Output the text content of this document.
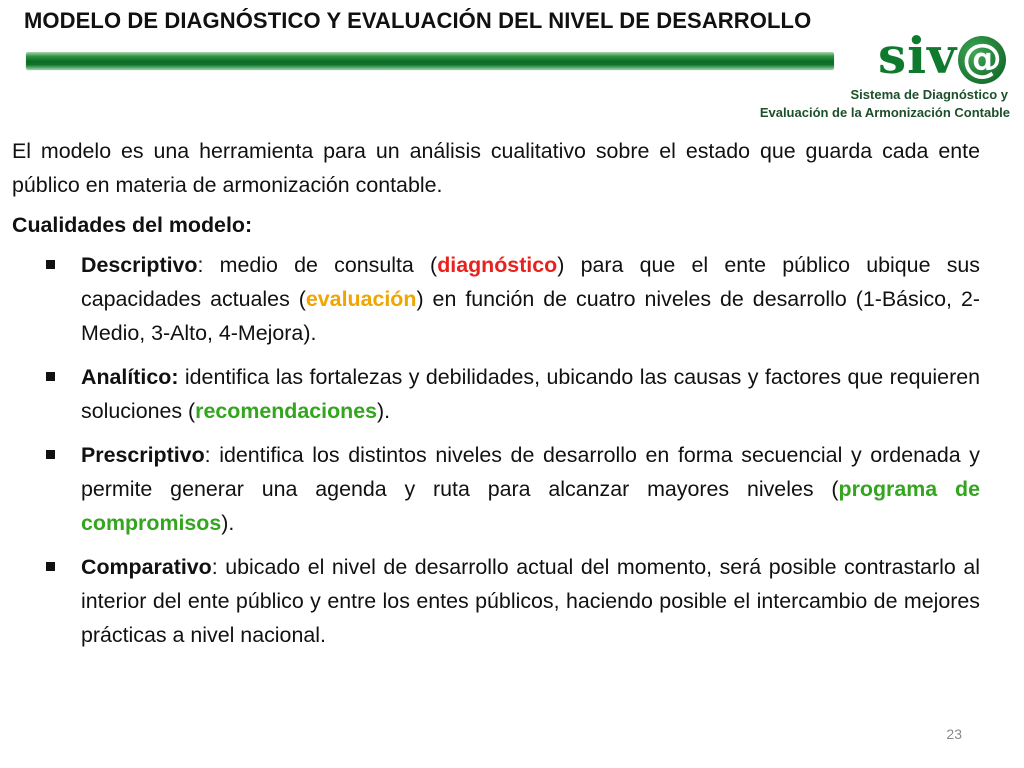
MODELO DE DIAGNÓSTICO Y EVALUACIÓN DEL NIVEL DE DESARROLLO
siv @
Sistema de Diagnóstico y
Evaluación de la Armonización Contable

El modelo es una herramienta para un análisis cualitativo sobre el estado que guarda cada ente público en materia de armonización contable.

Cualidades del modelo:

Descriptivo: medio de consulta (diagnóstico) para que el ente público ubique sus capacidades actuales (evaluación) en función de cuatro niveles de desarrollo (1-Básico, 2-Medio, 3-Alto, 4-Mejora).
Analítico: identifica las fortalezas y debilidades, ubicando las causas y factores que requieren soluciones (recomendaciones).
Prescriptivo: identifica los distintos niveles de desarrollo en forma secuencial y ordenada y permite generar una agenda y ruta para alcanzar mayores niveles (programa de compromisos).
Comparativo: ubicado el nivel de desarrollo actual del momento, será posible contrastarlo al interior del ente público y entre los entes públicos, haciendo posible el intercambio de mejores prácticas a nivel nacional.
23
